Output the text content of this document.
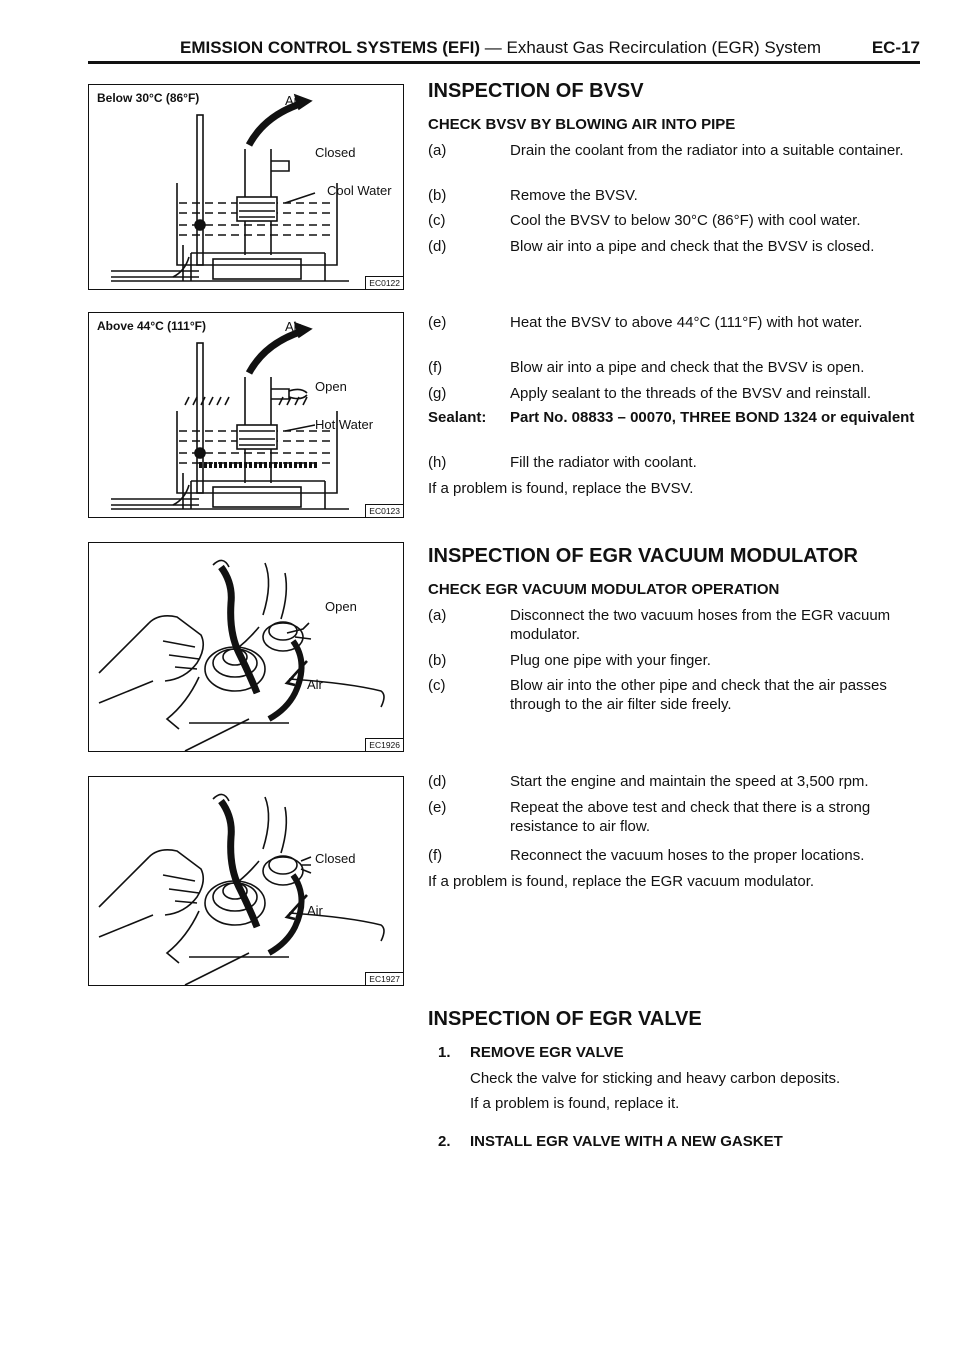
EMISSION CONTROL SYSTEMS (EFI) — Exhaust Gas Recirculation (EGR) System	EC-17
Below 30°C (86°F)	Air
Closed
Cool Water
EC0122
Above 44°C (111°F)	Air
Open
Hot Water
EC0123
Open
Air
EC1926
Closed
Air
EC1927
INSPECTION OF BVSV
CHECK BVSV BY BLOWING AIR INTO PIPE
(a)	Drain the coolant from the radiator into a suitable container.
(b)	Remove the BVSV.
(c)	Cool the BVSV to below 30°C (86°F) with cool water.
(d)	Blow air into a pipe and check that the BVSV is closed.
(e)	Heat the BVSV to above 44°C (111°F) with hot water.
(f)	Blow air into a pipe and check that the BVSV is open.
(g)	Apply sealant to the threads of the BVSV and reinstall.
Sealant: Part No. 08833 – 00070, THREE BOND 1324 or equivalent
(h)	Fill the radiator with coolant.
If a problem is found, replace the BVSV.
INSPECTION OF EGR VACUUM MODULATOR
CHECK EGR VACUUM MODULATOR OPERATION
(a)	Disconnect the two vacuum hoses from the EGR vacuum modulator.
(b)	Plug one pipe with your finger.
(c)	Blow air into the other pipe and check that the air passes through to the air filter side freely.
(d)	Start the engine and maintain the speed at 3,500 rpm.
(e)	Repeat the above test and check that there is a strong resistance to air flow.
(f)	Reconnect the vacuum hoses to the proper locations.
If a problem is found, replace the EGR vacuum modulator.
INSPECTION OF EGR VALVE
1. REMOVE EGR VALVE
Check the valve for sticking and heavy carbon deposits.
If a problem is found, replace it.
2. INSTALL EGR VALVE WITH A NEW GASKET
